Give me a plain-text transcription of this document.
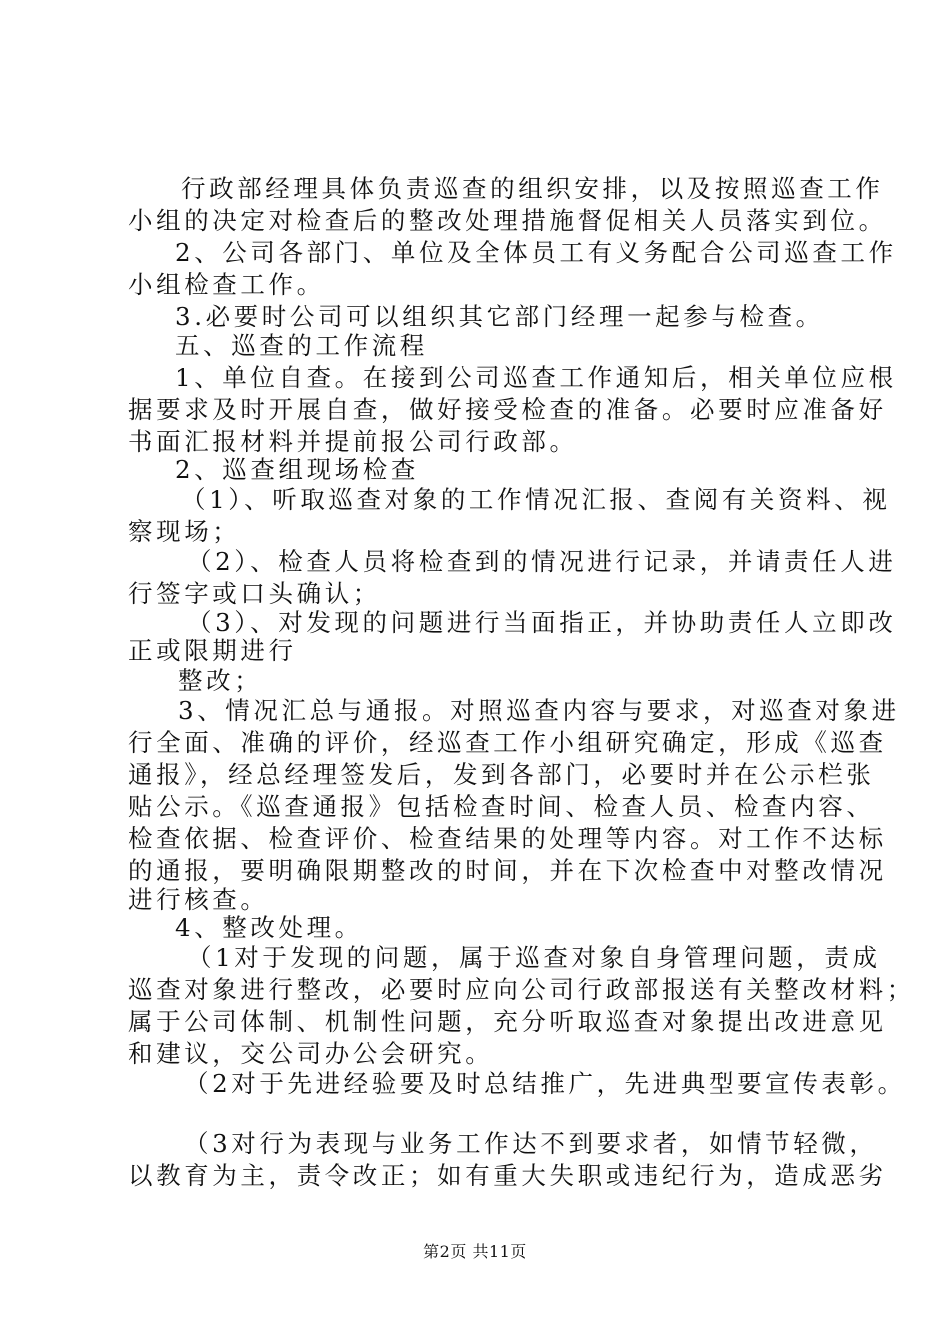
行政部经理具体负责巡查的组织安排，以及按照巡查工作
小组的决定对检查后的整改处理措施督促相关人员落实到位。
2、公司各部门、单位及全体员工有义务配合公司巡查工作
小组检查工作。
3.必要时公司可以组织其它部门经理一起参与检查。
五、巡查的工作流程
1、单位自查。在接到公司巡查工作通知后，相关单位应根
据要求及时开展自查，做好接受检查的准备。必要时应准备好
书面汇报材料并提前报公司行政部。
2、巡查组现场检查
（1）、听取巡查对象的工作情况汇报、查阅有关资料、视
察现场；
（2）、检查人员将检查到的情况进行记录，并请责任人进
行签字或口头确认；
（3）、对发现的问题进行当面指正，并协助责任人立即改
正或限期进行
整改；
3、情况汇总与通报。对照巡查内容与要求，对巡查对象进
行全面、准确的评价，经巡查工作小组研究确定，形成《巡查
通报》，经总经理签发后，发到各部门，必要时并在公示栏张
贴公示。《巡查通报》包括检查时间、检查人员、检查内容、
检查依据、检查评价、检查结果的处理等内容。对工作不达标
的通报，要明确限期整改的时间，并在下次检查中对整改情况
进行核查。
4、整改处理。
（1对于发现的问题，属于巡查对象自身管理问题，责成
巡查对象进行整改，必要时应向公司行政部报送有关整改材料；
属于公司体制、机制性问题，充分听取巡查对象提出改进意见
和建议，交公司办公会研究。
（2对于先进经验要及时总结推广，先进典型要宣传表彰。
（3对行为表现与业务工作达不到要求者，如情节轻微，
以教育为主，责令改正；如有重大失职或违纪行为，造成恶劣
第2页 共11页
